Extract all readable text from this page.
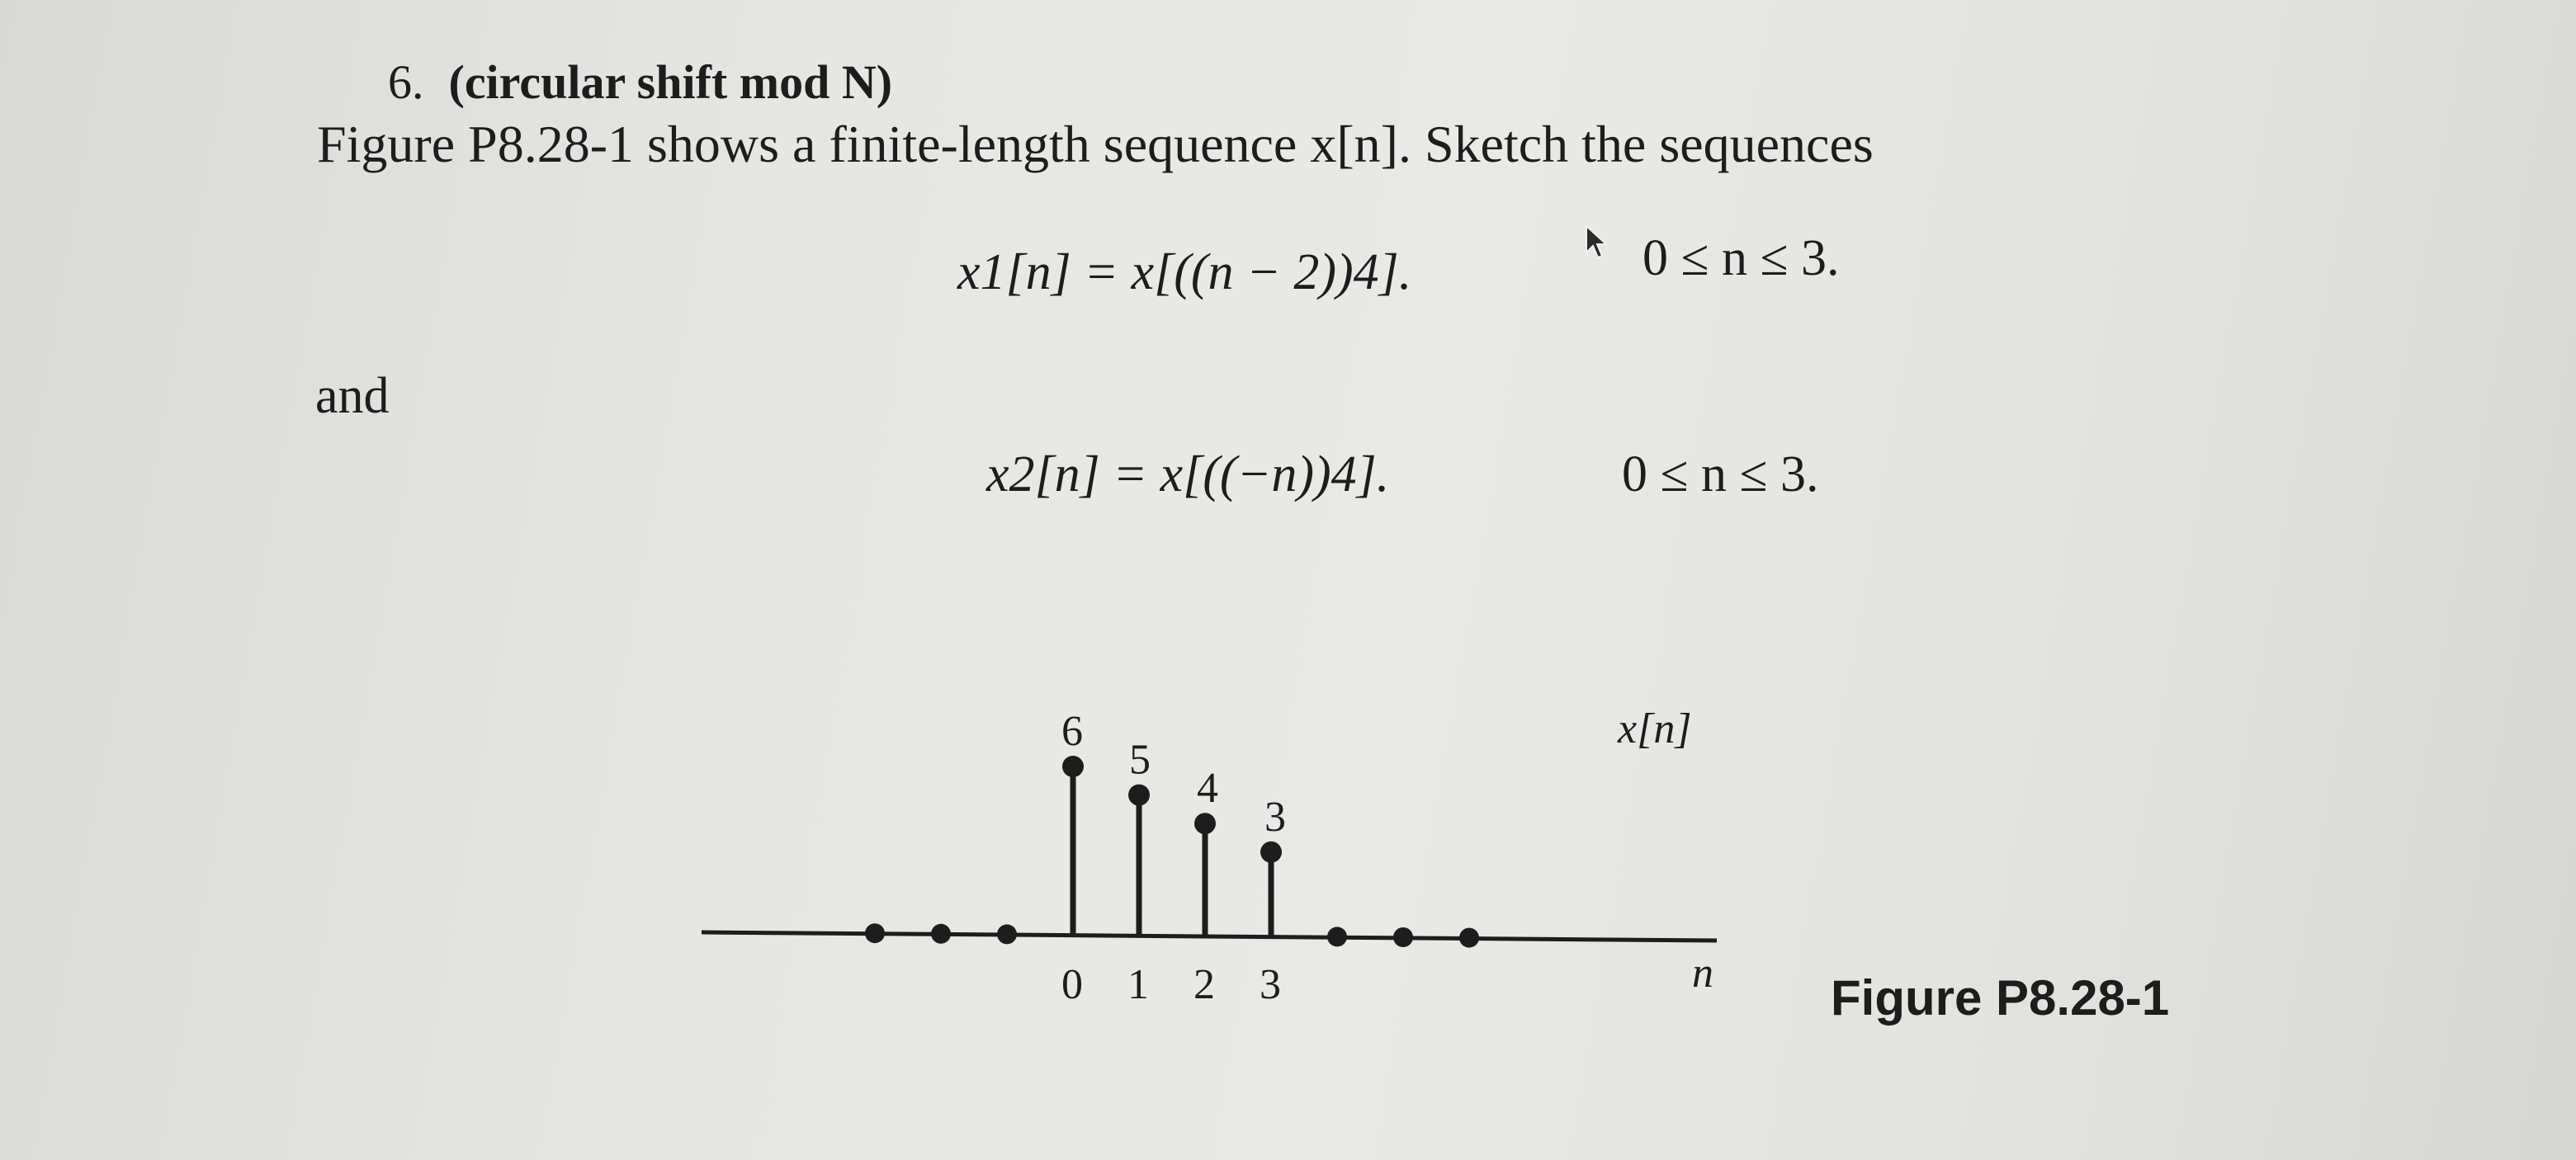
6. (circular shift mod N)
Figure P8.28-1 shows a finite-length sequence x[n]. Sketch the sequences
x1[n] = x[((n − 2))4].	0 ≤ n ≤ 3.
and
x2[n] = x[((−n))4].	0 ≤ n ≤ 3.
6
0
5
1
4
2
3
3
x[n]
n Figure P8.28-1
